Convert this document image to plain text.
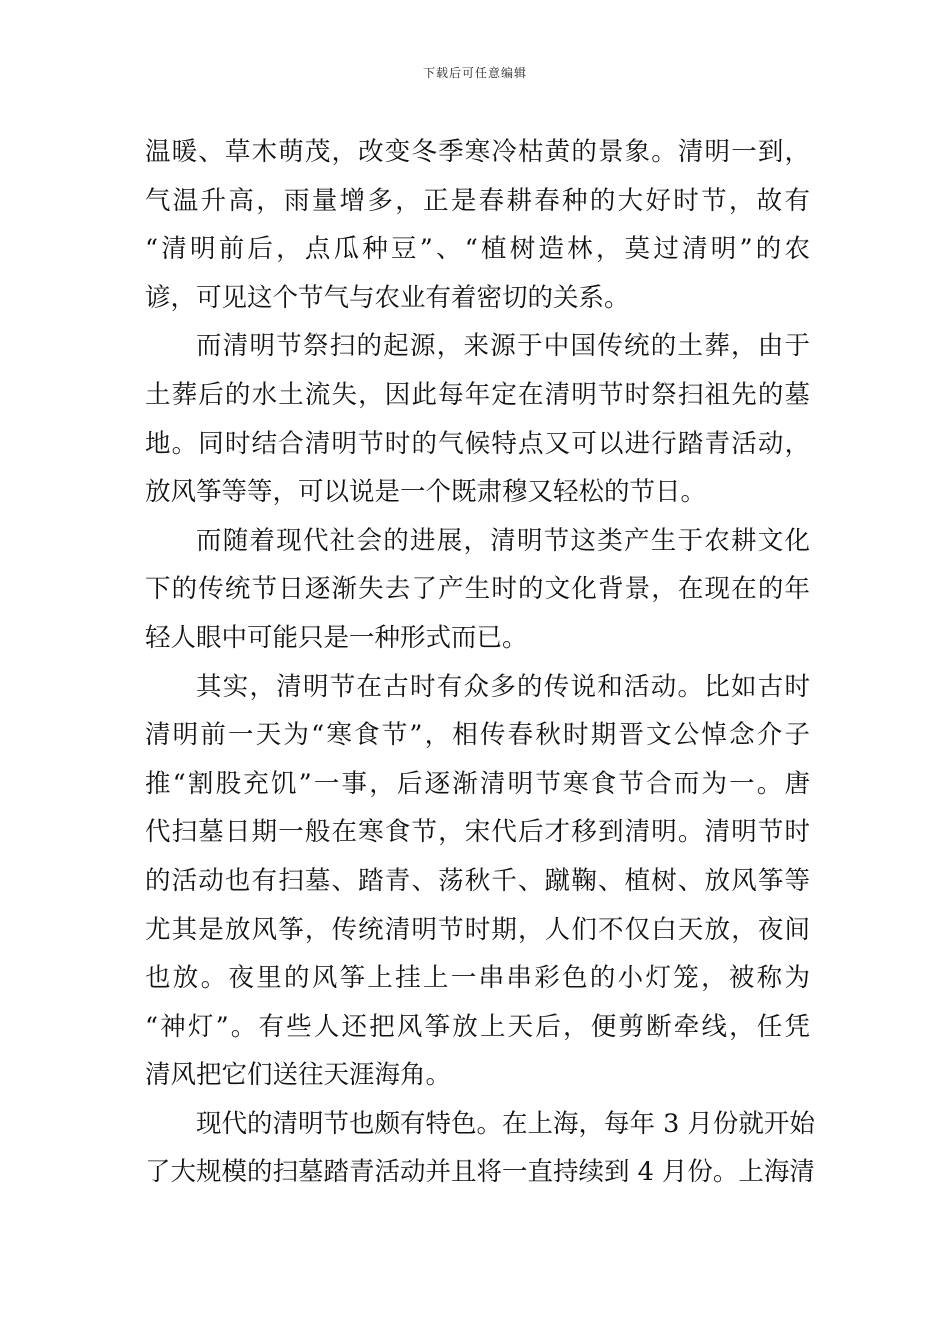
下载后可任意编辑
温暖、草木萌茂，改变冬季寒冷枯黄的景象。清明一到，
气温升高，雨量增多，正是春耕春种的大好时节，故有
“清明前后，点瓜种豆”、“植树造林，莫过清明”的农
谚，可见这个节气与农业有着密切的关系。
而清明节祭扫的起源，来源于中国传统的土葬，由于
土葬后的水土流失，因此每年定在清明节时祭扫祖先的墓
地。同时结合清明节时的气候特点又可以进行踏青活动，
放风筝等等，可以说是一个既肃穆又轻松的节日。
而随着现代社会的进展，清明节这类产生于农耕文化
下的传统节日逐渐失去了产生时的文化背景，在现在的年
轻人眼中可能只是一种形式而已。
其实，清明节在古时有众多的传说和活动。比如古时
清明前一天为“寒食节”，相传春秋时期晋文公悼念介子
推“割股充饥”一事，后逐渐清明节寒食节合而为一。唐
代扫墓日期一般在寒食节，宋代后才移到清明。清明节时
的活动也有扫墓、踏青、荡秋千、蹴鞠、植树、放风筝等
尤其是放风筝，传统清明节时期，人们不仅白天放，夜间
也放。夜里的风筝上挂上一串串彩色的小灯笼，被称为
“神灯”。有些人还把风筝放上天后，便剪断牵线，任凭
清风把它们送往天涯海角。
现代的清明节也颇有特色。在上海，每年 3 月份就开始
了大规模的扫墓踏青活动并且将一直持续到 4 月份。上海清
